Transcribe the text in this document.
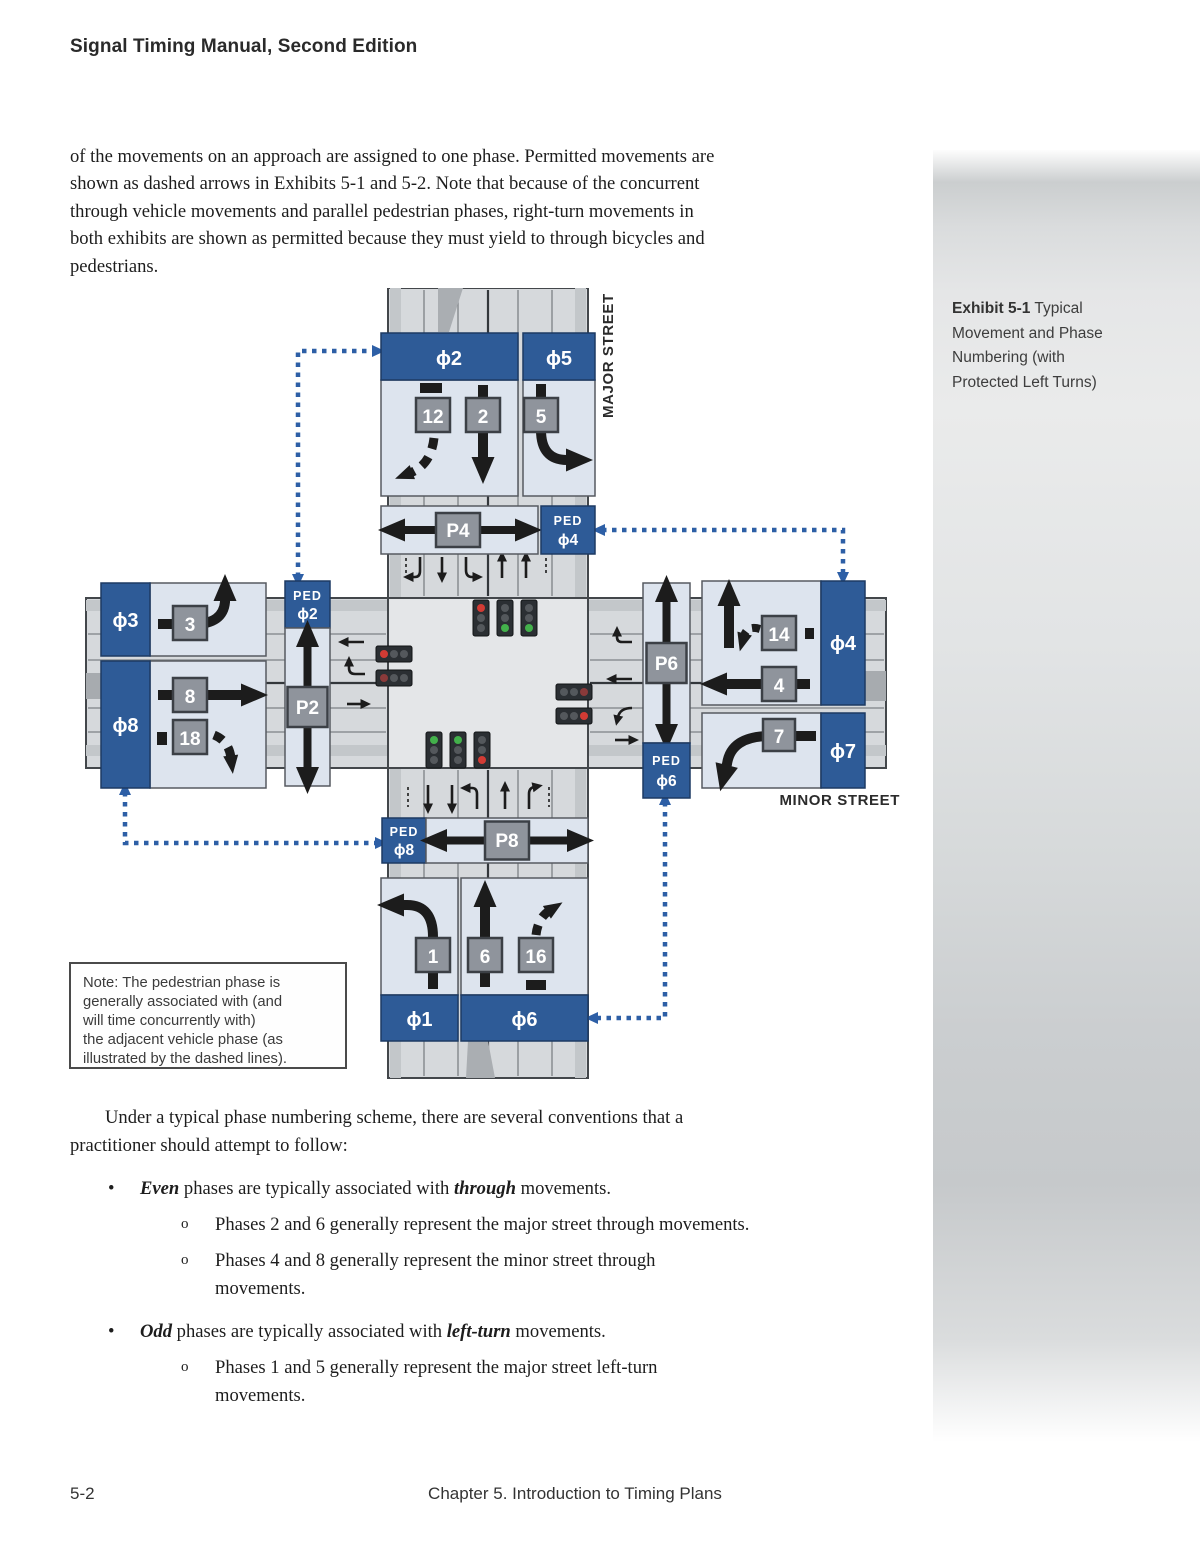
Signal Timing Manual, Second Edition
of the movements on an approach are assigned to one phase. Permitted movements are
shown as dashed arrows in Exhibits 5-1 and 5-2. Note that because of the concurrent
through vehicle movements and parallel pedestrian phases, right-turn movements in
both exhibits are shown as permitted because they must yield to through bicycles and
pedestrians.
Exhibit 5-1 Typical
Movement and Phase
Numbering (with
Protected Left Turns)
P4	PED
ϕ4
PED
ϕ2
P2
P6
PED
ϕ6
PED
ϕ8	P8
ϕ2
12 2
ϕ5
5	MAJOR STREET
ϕ3 3
ϕ8
8
18
ϕ4
14
4
ϕ7
7
MINOR STREET
ϕ1
1
ϕ6
6 16
Note: The pedestrian phase is
generally associated with (and
will time concurrently with)
the adjacent vehicle phase (as
illustrated by the dashed lines).
Under a typical phase numbering scheme, there are several conventions that a
practitioner should attempt to follow:
• Even phases are typically associated with through movements.
o Phases 2 and 6 generally represent the major street through movements.
o Phases 4 and 8 generally represent the minor street through
movements.
• Odd phases are typically associated with left-turn movements.
o Phases 1 and 5 generally represent the major street left-turn
movements.
5-2	Chapter 5. Introduction to Timing Plans
